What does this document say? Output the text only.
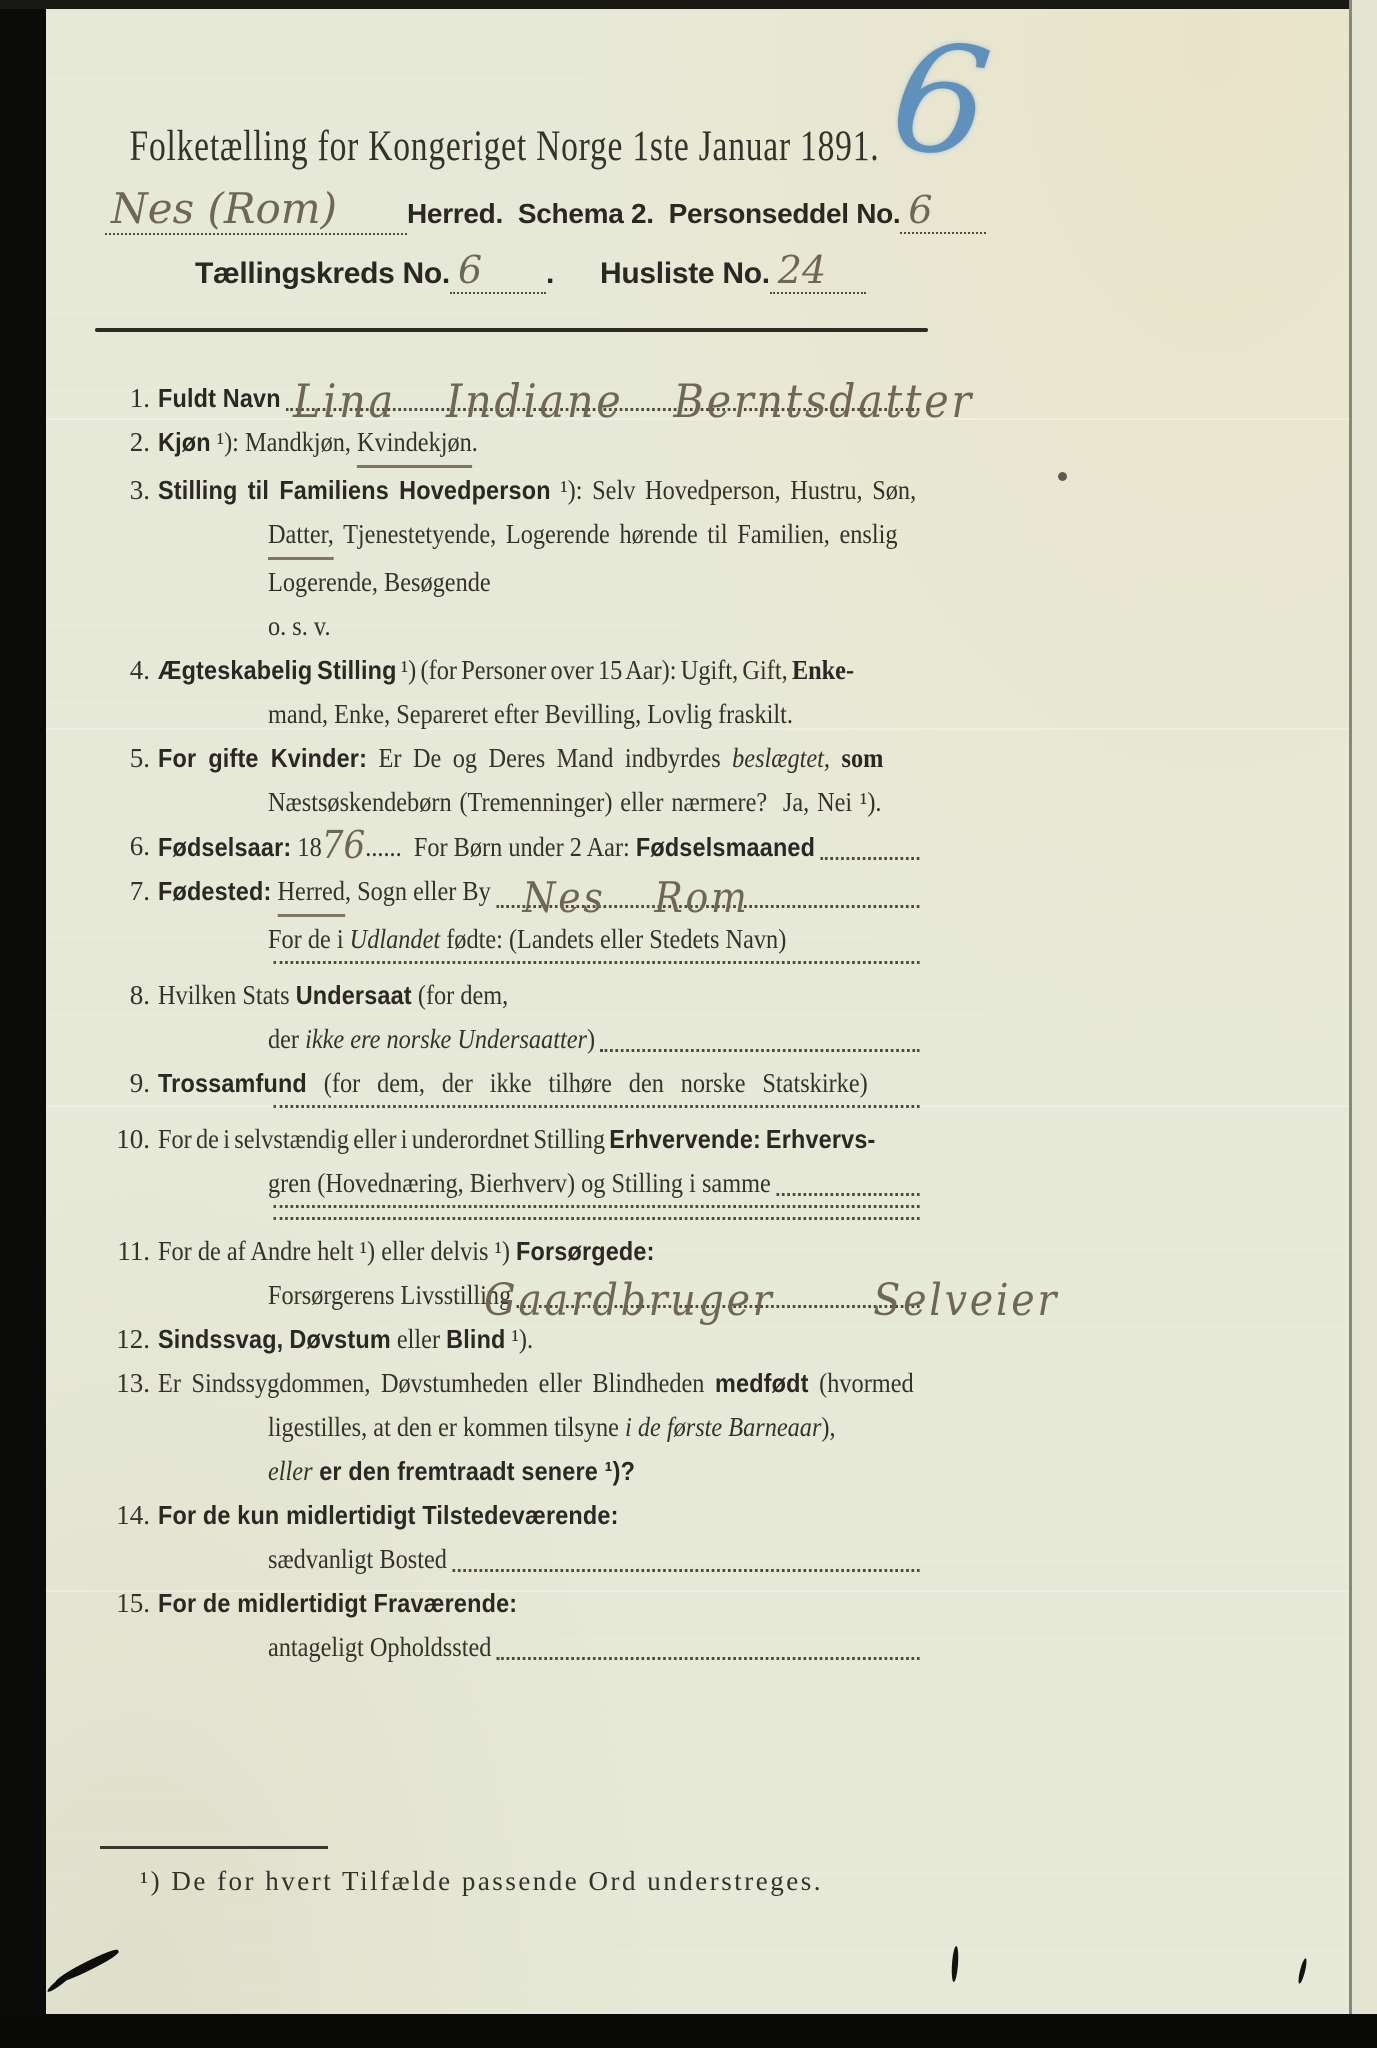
Folketælling for Kongeriget Norge 1ste Januar 1891. 6
Nes (Rom)	Herred.  Schema 2.  Personseddel No. 6
Tællingskreds No. 6	. Husliste No. 24
1. Fuldt Navn Lina Indiane Berntsdatter
2. Kjøn ¹): Mandkjøn, Kvindekjøn .
3. Stilling til Familiens Hovedperson ¹): Selv Hovedperson, Hustru, Søn,
Datter, Tjenestetyende, Logerende hørende til Familien, enslig
Logerende, Besøgende
o. s. v.
4. Ægteskabelig Stilling ¹) (for Personer over 15 Aar): Ugift, Gift, Enke-
mand, Enke, Separeret efter Bevilling, Lovlig fraskilt.
5. For gifte Kvinder: Er De og Deres Mand indbyrdes beslægtet, som
Næstsøskendebørn (Tremenninger) eller nærmere?  Ja, Nei ¹).
6. Fødselsaar: 18 76 ...... For Børn under 2 Aar: Fødselsmaaned
7. Fødested:
Herred , Sogn eller By Nes Rom
For de i Udlandet fødte: (Landets eller Stedets Navn)
8. Hvilken Stats Undersaat (for dem,
der ikke ere norske Undersaatter )
9. Trossamfund (for dem, der ikke tilhøre den norske Statskirke)
10. For de i selvstændig eller i underordnet Stilling Erhvervende: Erhvervs-
gren (Hovednæring, Bierhverv) og Stilling i samme
11. For de af Andre helt ¹) eller delvis ¹) Forsørgede:
Forsørgerens Livsstilling
Gaardbruger  Selveier
12. Sindssvag,
Døvstum eller Blind ¹).
13. Er Sindssygdommen, Døvstumheden eller Blindheden medfødt (hvormed
ligestilles, at den er kommen tilsyne i de første Barneaar ),
eller er den fremtraadt senere ¹)?
14. For de kun midlertidigt Tilstedeværende:
sædvanligt Bosted
15. For de midlertidigt Fraværende:
antageligt Opholdssted
¹) De for hvert Tilfælde passende Ord understreges.
